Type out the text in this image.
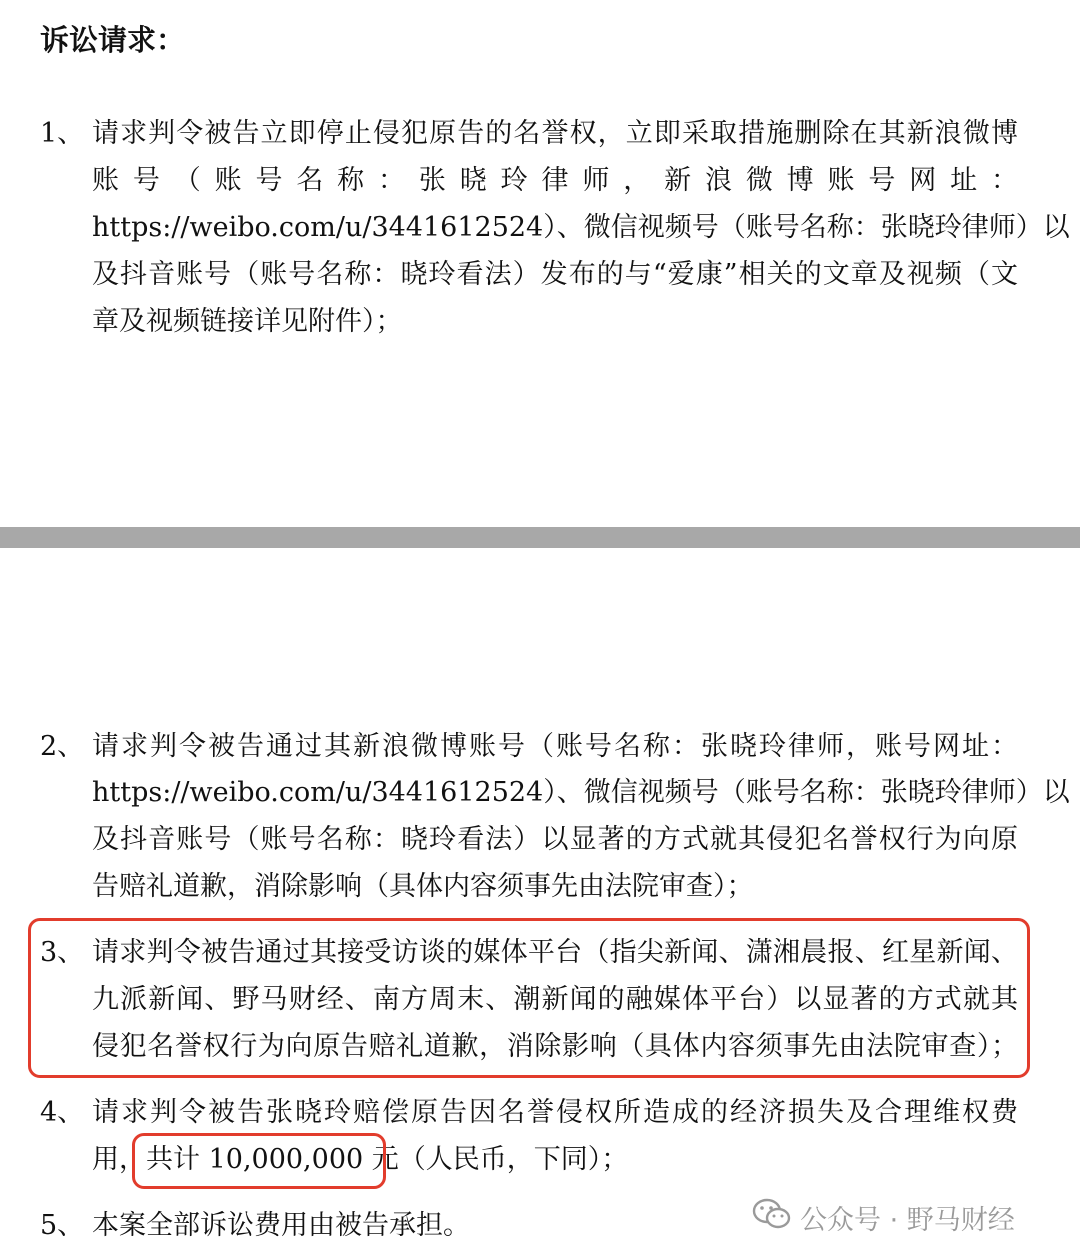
诉讼请求：
1、 请求判令被告立即停止侵犯原告的名誉权，立即采取措施删除在其新浪微博
账号（账号名称：张晓玲律师，新浪微博账号网址：
https://weibo.com/u/3441612524）、微信视频号（账号名称：张晓玲律师）以
及抖音账号（账号名称：晓玲看法）发布的与“爱康”相关的文章及视频（文
章及视频链接详见附件）；
2、 请求判令被告通过其新浪微博账号（账号名称：张晓玲律师，账号网址：
https://weibo.com/u/3441612524）、微信视频号（账号名称：张晓玲律师）以
及抖音账号（账号名称：晓玲看法）以显著的方式就其侵犯名誉权行为向原
告赔礼道歉，消除影响（具体内容须事先由法院审查）；
3、 请求判令被告通过其接受访谈的媒体平台（指尖新闻、潇湘晨报、红星新闻、
九派新闻、野马财经、南方周末、潮新闻的融媒体平台）以显著的方式就其
侵犯名誉权行为向原告赔礼道歉，消除影响（具体内容须事先由法院审查）；
4、 请求判令被告张晓玲赔偿原告因名誉侵权所造成的经济损失及合理维权费
用，共计 10,000,000 元（人民币，下同）；
5、 本案全部诉讼费用由被告承担。	公众号 · 野马财经
